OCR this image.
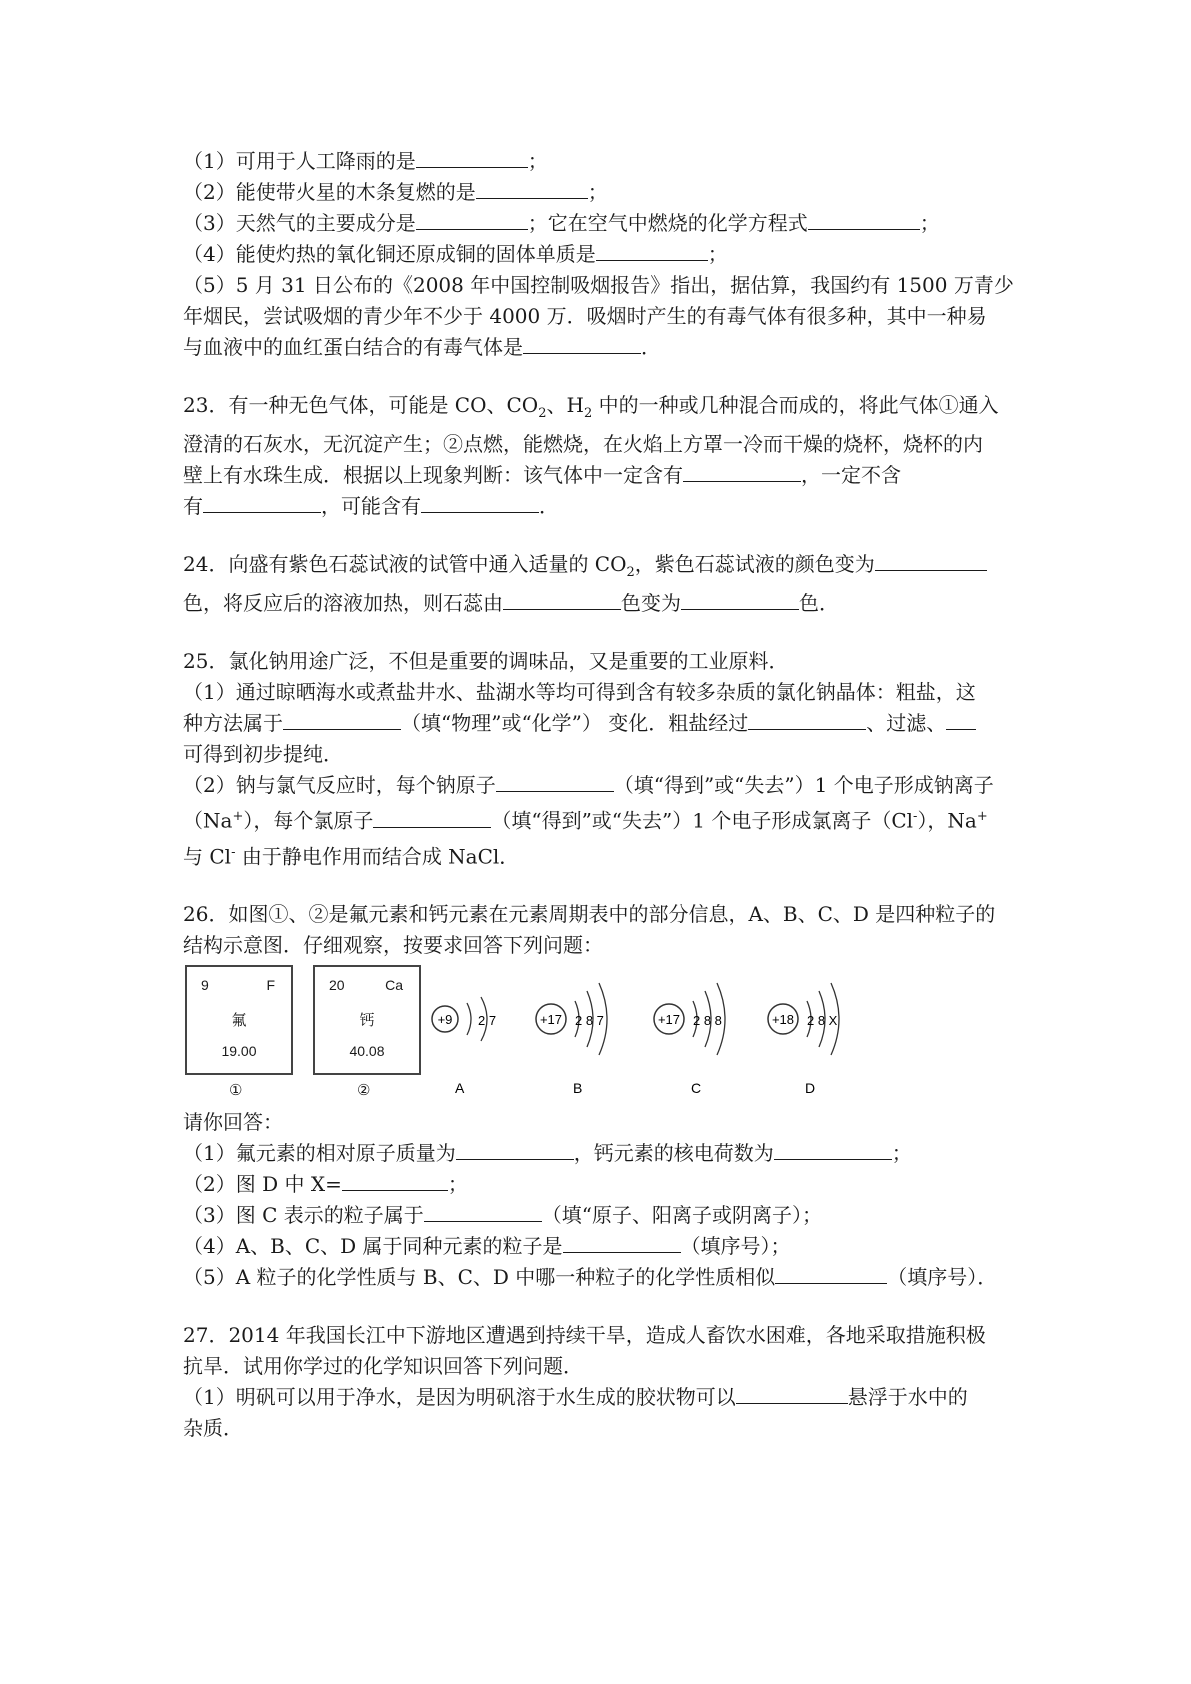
（1）可用于人工降雨的是	；
（2）能使带火星的木条复燃的是	；
（3）天然气的主要成分是	；它在空气中燃烧的化学方程式	；
（4）能使灼热的氧化铜还原成铜的固体单质是	；
（5）5 月 31 日公布的《2008 年中国控制吸烟报告》指出，据估算，我国约有 1500 万青少
年烟民，尝试吸烟的青少年不少于 4000 万．吸烟时产生的有毒气体有很多种，其中一种易
与血液中的血红蛋白结合的有毒气体是	．
23．有一种无色气体，可能是 CO、$CO_2$、$H_2$ 中的一种或几种混合而成的，将此气体①通入
澄清的石灰水，无沉淀产生；②点燃，能燃烧，在火焰上方罩一冷而干燥的烧杯，烧杯的内
壁上有水珠生成．根据以上现象判断：该气体中一定含有	，一定不含
有	，可能含有	．
24．向盛有紫色石蕊试液的试管中通入适量的 $CO_2$，紫色石蕊试液的颜色变为
色，将反应后的溶液加热，则石蕊由	色变为	色．
25．氯化钠用途广泛，不但是重要的调味品，又是重要的工业原料．
（1）通过晾晒海水或煮盐井水、盐湖水等均可得到含有较多杂质的氯化钠晶体：粗盐，这
种方法属于	（填“物理”或“化学”） 变化．粗盐经过	、过滤、
可得到初步提纯．
（2）钠与氯气反应时，每个钠原子	（填“得到”或“失去”）1 个电子形成钠离子
（Na+），每个氯原子	（填“得到”或“失去”）1 个电子形成氯离子（Cl-），Na+
与 Cl- 由于静电作用而结合成 NaCl．
26．如图①、②是氟元素和钙元素在元素周期表中的部分信息，A、B、C、D 是四种粒子的
结构示意图．仔细观察，按要求回答下列问题：
9	F
氟
19.00
①
20	Ca
钙
40.08
②
+9 2 7
A
+17 2 8 7
B
+17 2 8 8
C
+18 2 8 X
D
请你回答：
（1）氟元素的相对原子质量为	，钙元素的核电荷数为	；
（2）图 D 中 X=	；
（3）图 C 表示的粒子属于	（填“原子、阳离子或阴离子）；
（4）A、B、C、D 属于同种元素的粒子是	（填序号）；
（5）A 粒子的化学性质与 B、C、D 中哪一种粒子的化学性质相似	（填序号）．
27．2014 年我国长江中下游地区遭遇到持续干旱，造成人畜饮水困难，各地采取措施积极
抗旱．试用你学过的化学知识回答下列问题．
（1）明矾可以用于净水，是因为明矾溶于水生成的胶状物可以	悬浮于水中的
杂质．
